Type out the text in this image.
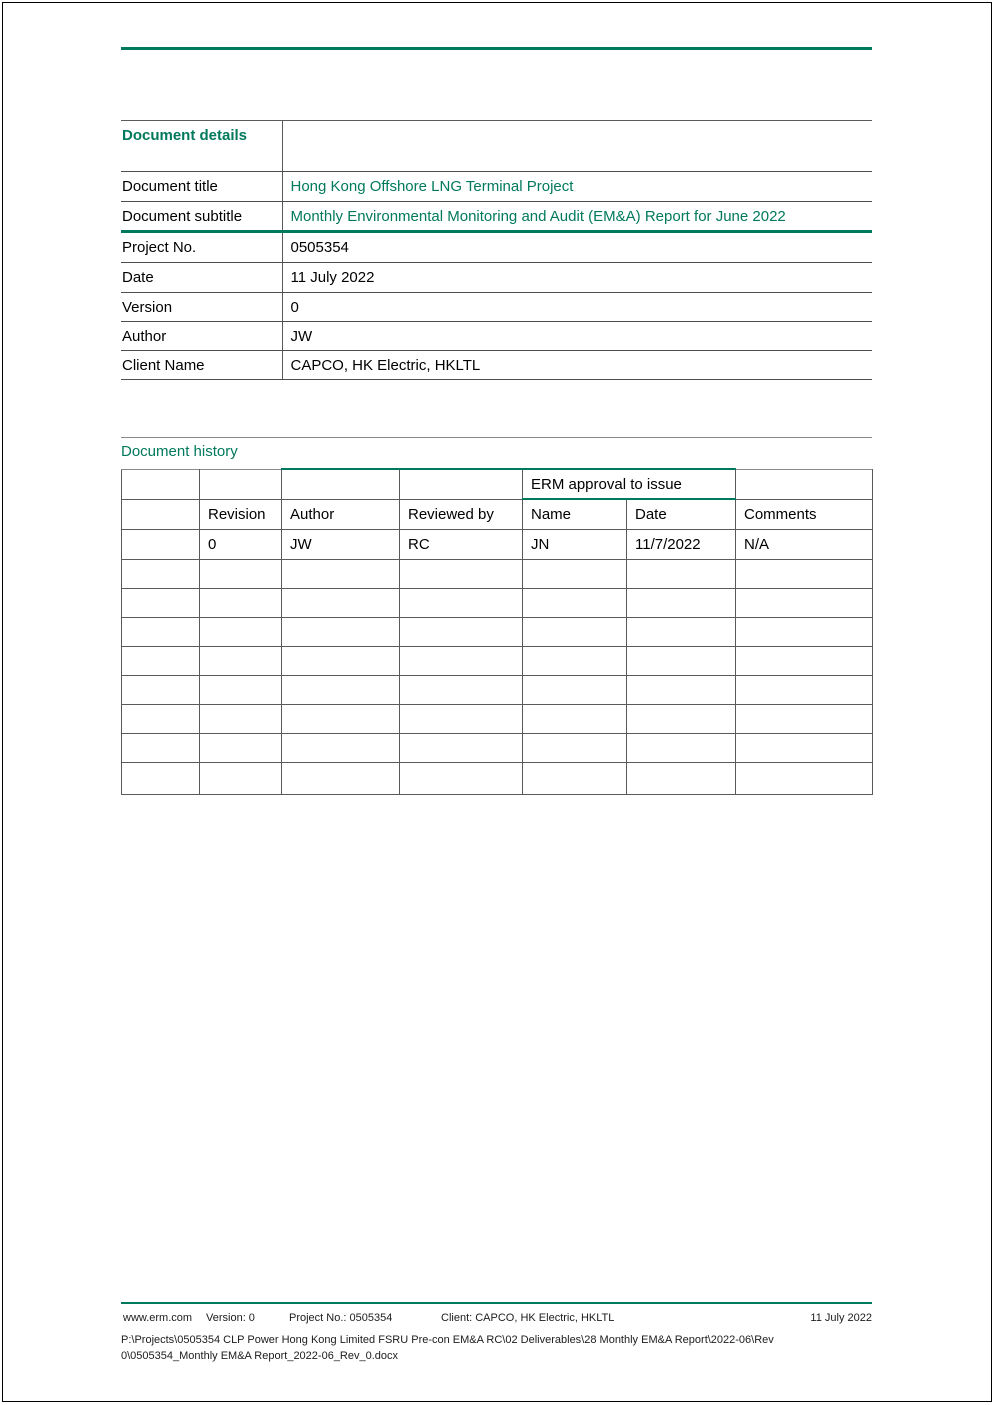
Document details	
Document title	Hong Kong Offshore LNG Terminal Project
Document subtitle	Monthly Environmental Monitoring and Audit (EM&A) Report for June 2022
Project No.	0505354
Date	11 July 2022
Version	0
Author	JW
Client Name	CAPCO, HK Electric, HKLTL
Document history
				ERM approval to issue		
	Revision	Author	Reviewed by	Name	Date	Comments
	0	JW	RC	JN	11/7/2022	N/A

www.erm.com Version: 0	Project No.: 0505354	Client: CAPCO, HK Electric, HKLTL	11 July 2022
P:\Projects\0505354 CLP Power Hong Kong Limited FSRU Pre-con EM&A RC\02 Deliverables\28 Monthly EM&A Report\2022-06\Rev 0\0505354_Monthly EM&A Report_2022-06_Rev_0.docx
